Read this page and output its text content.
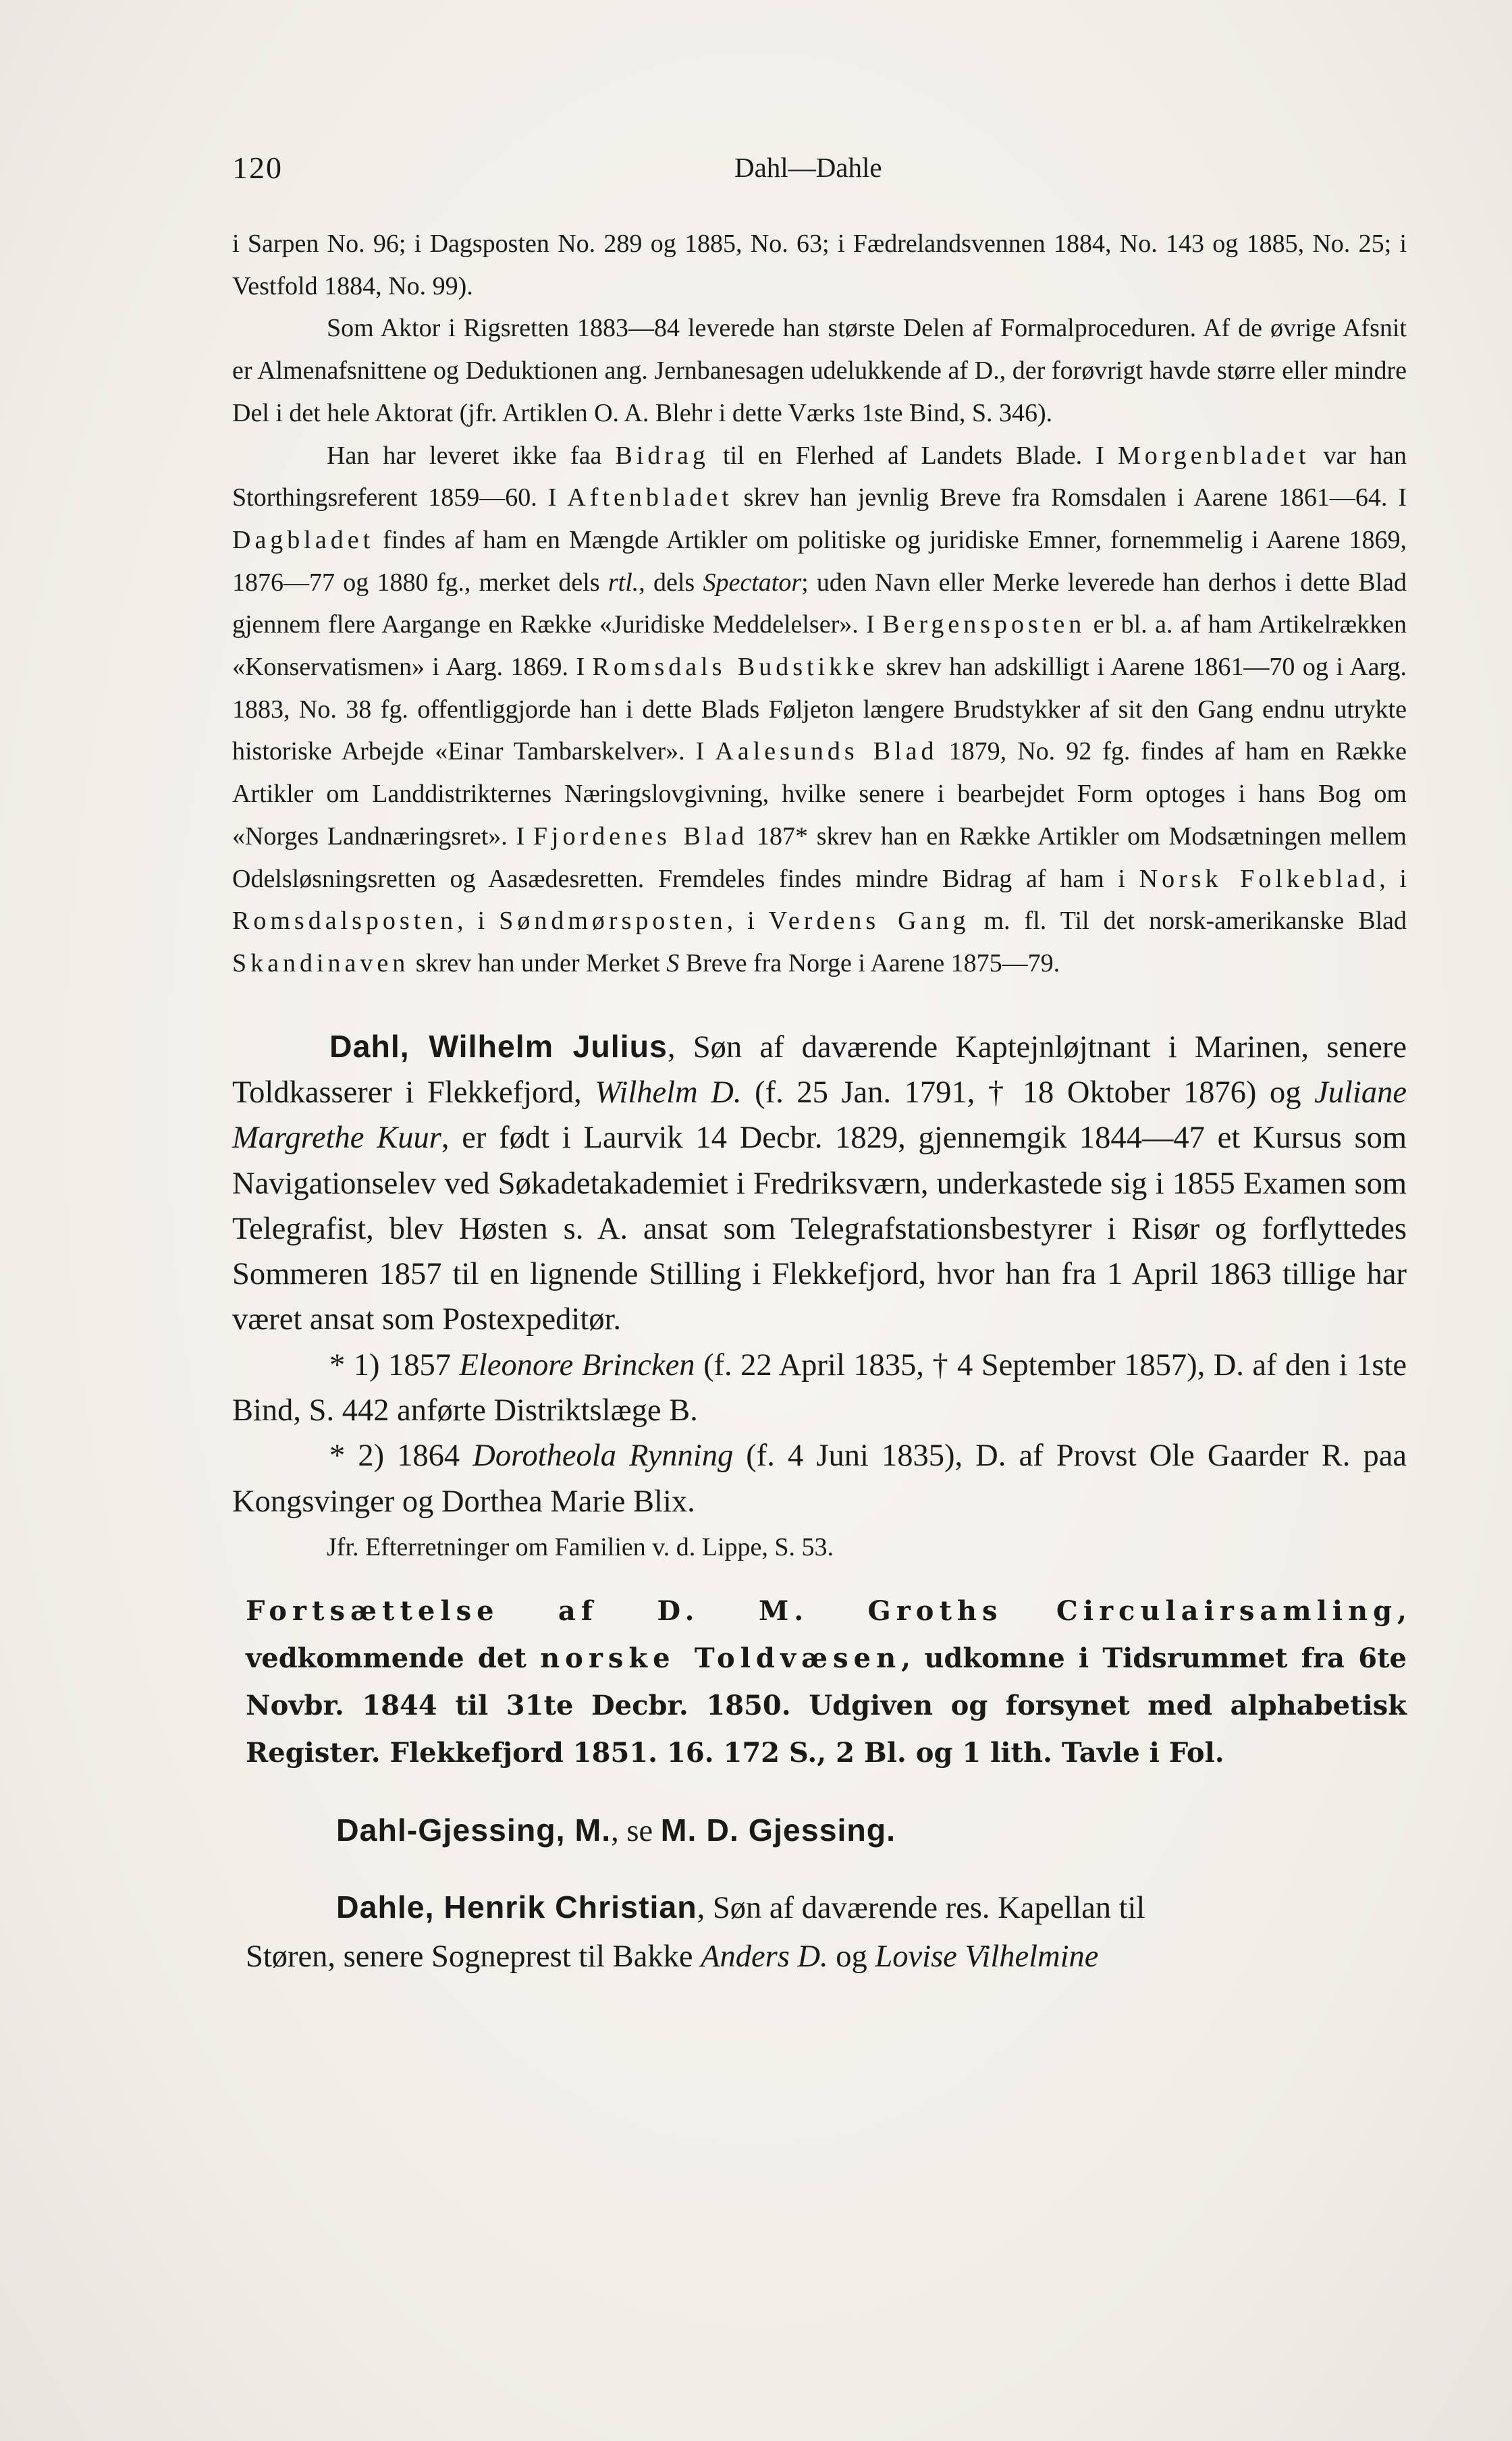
120	Dahl—Dahle

i Sarpen No. 96; i Dagsposten No. 289 og 1885, No. 63; i Fædrelandsvennen 1884, No. 143 og 1885, No. 25; i Vestfold 1884, No. 99).

Som Aktor i Rigsretten 1883—84 leverede han største Delen af Formalproceduren. Af de øvrige Afsnit er Almenafsnittene og Deduktionen ang. Jernbanesagen udelukkende af D., der forøvrigt havde større eller mindre Del i det hele Aktorat (jfr. Artiklen O. A. Blehr i dette Værks 1ste Bind, S. 346).

Han har leveret ikke faa Bidrag til en Flerhed af Landets Blade. I Morgenbladet var han Storthingsreferent 1859—60. I Aftenbladet skrev han jevnlig Breve fra Romsdalen i Aarene 1861—64. I Dagbladet findes af ham en Mængde Artikler om politiske og juridiske Emner, fornemmelig i Aarene 1869, 1876—77 og 1880 fg., merket dels rtl., dels Spectator; uden Navn eller Merke leverede han derhos i dette Blad gjennem flere Aargange en Række «Juridiske Meddelelser». I Bergensposten er bl. a. af ham Artikelrækken «Konservatismen» i Aarg. 1869. I Romsdals Budstikke skrev han adskilligt i Aarene 1861—70 og i Aarg. 1883, No. 38 fg. offentliggjorde han i dette Blads Føljeton længere Brudstykker af sit den Gang endnu utrykte historiske Arbejde «Einar Tambarskelver». I Aalesunds Blad 1879, No. 92 fg. findes af ham en Række Artikler om Landdistrikternes Næringslovgivning, hvilke senere i bearbejdet Form optoges i hans Bog om «Norges Landnæringsret». I Fjordenes Blad 187* skrev han en Række Artikler om Modsætningen mellem Odelsløsningsretten og Aasædesretten. Fremdeles findes mindre Bidrag af ham i Norsk Folkeblad, i Romsdalsposten, i Søndmørsposten, i Verdens Gang m. fl. Til det norsk-amerikanske Blad Skandinaven skrev han under Merket S Breve fra Norge i Aarene 1875—79.

Dahl, Wilhelm Julius, Søn af daværende Kaptejnløjtnant i Marinen, senere Toldkasserer i Flekkefjord, Wilhelm D. (f. 25 Jan. 1791, † 18 Oktober 1876) og Juliane Margrethe Kuur, er født i Laurvik 14 Decbr. 1829, gjennemgik 1844—47 et Kursus som Navigationselev ved Søkadetakademiet i Fredriksværn, underkastede sig i 1855 Examen som Telegrafist, blev Høsten s. A. ansat som Telegrafstationsbestyrer i Risør og forflyttedes Sommeren 1857 til en lignende Stilling i Flekkefjord, hvor han fra 1 April 1863 tillige har været ansat som Postexpeditør.

* 1) 1857 Eleonore Brincken (f. 22 April 1835, † 4 September 1857), D. af den i 1ste Bind, S. 442 anførte Distriktslæge B.

* 2) 1864 Dorotheola Rynning (f. 4 Juni 1835), D. af Provst Ole Gaarder R. paa Kongsvinger og Dorthea Marie Blix.

Jfr. Efterretninger om Familien v. d. Lippe, S. 53.

Fortsættelse af D. M. Groths Circulairsamling, vedkommende det norske Toldvæsen, udkomne i Tidsrummet fra 6te Novbr. 1844 til 31te Decbr. 1850. Udgiven og forsynet med alphabetisk Register. Flekkefjord 1851. 16. 172 S., 2 Bl. og 1 lith. Tavle i Fol.

Dahl-Gjessing, M., se M. D. Gjessing.
Dahle, Henrik Christian, Søn af daværende res. Kapellan til
Støren, senere Sogneprest til Bakke Anders D. og Lovise Vilhelmine
